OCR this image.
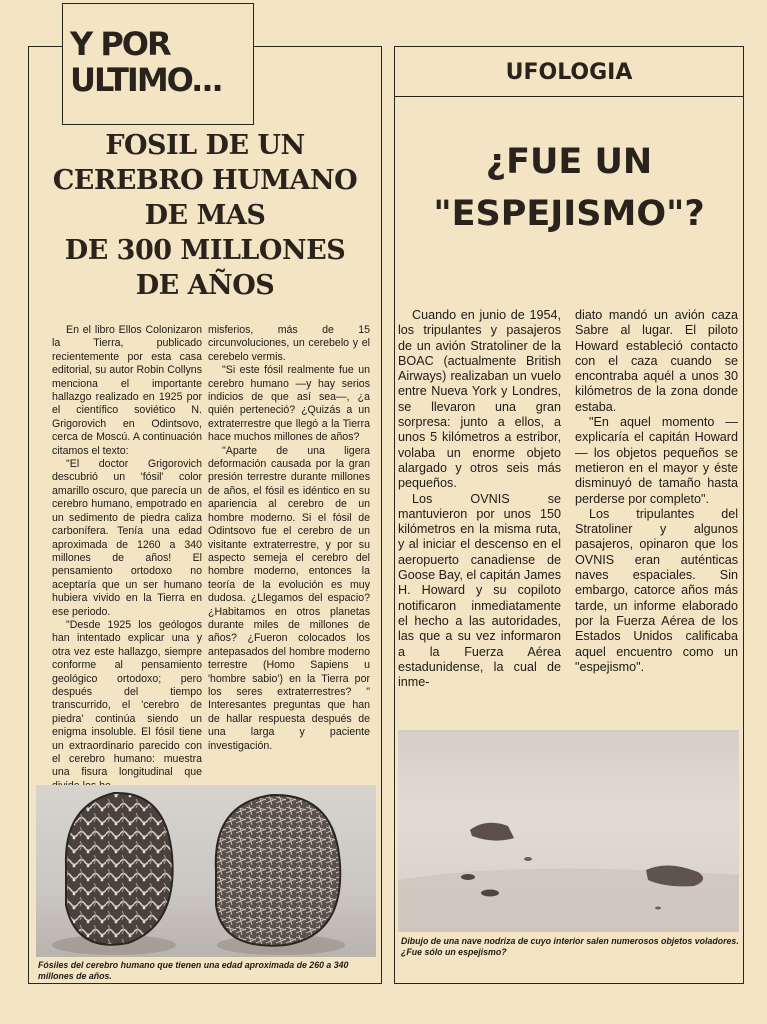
Y POR
ULTIMO...
FOSIL DE UN
CEREBRO HUMANO
DE MAS
DE 300 MILLONES
DE AÑOS

En el libro Ellos Colonizaron la Tierra, publicado recientemente por esta casa editorial, su autor Robin Collyns menciona el importante hallazgo realizado en 1925 por el científico soviético N. Grigorovich en Odintsovo, cerca de Moscú. A continuación citamos el texto:

"El doctor Grigorovich descubrió un 'fósil' color amarillo oscuro, que parecía un cerebro humano, empotrado en un sedimento de piedra caliza carbonífera. Tenía una edad aproximada de 1260 a 340 millones de años! El pensamiento ortodoxo no aceptaría que un ser humano hubiera vivido en la Tierra en ese periodo.

"Desde 1925 los geólogos han intentado explicar una y otra vez este hallazgo, siempre conforme al pensamiento geológico ortodoxo; pero después del tiempo transcurrido, el 'cerebro de piedra' continúa siendo un enigma insoluble. El fósil tiene un extraordinario parecido con el cerebro humano: muestra una fisura longitudinal que

misferios, más de 15 circunvoluciones, un cerebelo y el cerebelo vermis.

"Si este fósil realmente fue un cerebro humano —y hay serios indicios de que así sea—, ¿a quién perteneció? ¿Quizás a un extraterrestre que llegó a la Tierra hace muchos millones de años?

"Aparte de una ligera deformación causada por la gran presión terrestre durante millones de años, el fósil es idéntico en su apariencia al cerebro de un hombre moderno. Si el fósil de Odintsovo fue el cerebro de un visitante extraterrestre, y por su aspecto semeja el cerebro del hombre moderno, entonces la teoría de la evolución es muy dudosa. ¿Llegamos del espacio? ¿Habitamos en otros planetas durante miles de millones de años? ¿Fueron colocados los antepasados del hombre moderno terrestre (Homo Sapiens u 'hombre sabio') en la Tierra por los seres extraterrestres? " Interesantes preguntas que han de hallar respuesta después de una larga y paciente investigación.

Fósiles del cerebro humano que tienen una edad aproximada de 260 a 340 millones de años.
UFOLOGIA
¿FUE UN
"ESPEJISMO"?

Cuando en junio de 1954, los tripulantes y pasajeros de un avión Stratoliner de la BOAC (actualmente British Airways) realizaban un vuelo entre Nueva York y Londres, se llevaron una gran sorpresa: junto a ellos, a unos 5 kilómetros a estribor, volaba un enorme objeto alargado y otros seis más pequeños.

Los OVNIS se mantuvieron por unos 150 kilómetros en la misma ruta, y al iniciar el descenso en el aeropuerto canadiense de Goose Bay, el capitán James H. Howard y su copiloto notificaron inmediatamente el hecho a las autoridades, las que a su vez informaron a la Fuerza Aérea estadunidense, la cual de inme-

diato mandó un avión caza Sabre al lugar. El piloto Howard estableció contacto con el caza cuando se encontraba aquél a unos 30 kilómetros de la zona donde estaba.

"En aquel momento —explicaría el capitán Howard— los objetos pequeños se metieron en el mayor y éste disminuyó de tamaño hasta perderse por completo".

Los tripulantes del Stratoliner y algunos pasajeros, opinaron que los OVNIS eran auténticas naves espaciales. Sin embargo, catorce años más tarde, un informe elaborado por la Fuerza Aérea de los Estados Unidos calificaba aquel encuentro como un "espejismo".

Dibujo de una nave nodriza de cuyo interior salen numerosos objetos voladores. ¿Fue sólo un espejismo?
